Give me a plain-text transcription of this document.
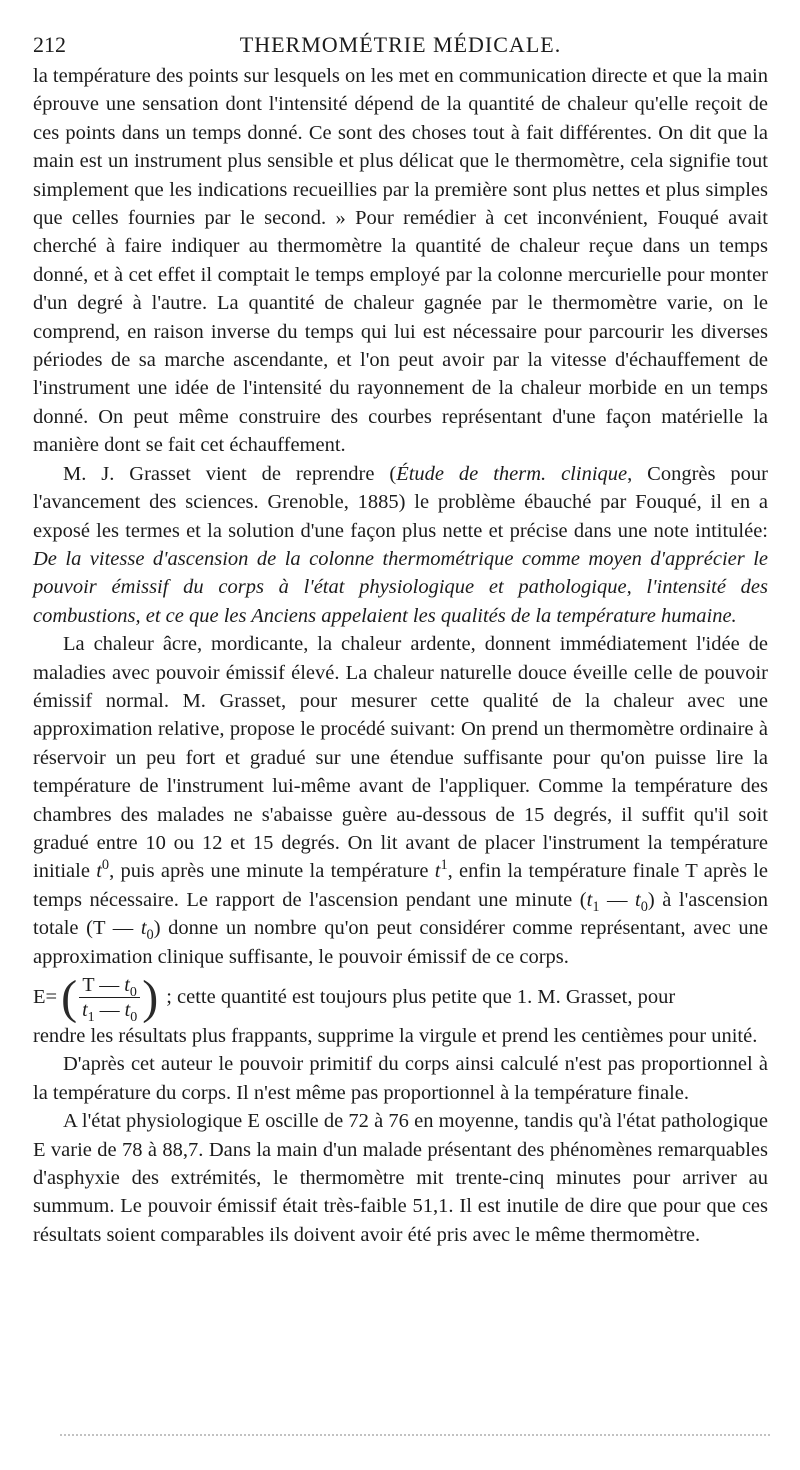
212	THERMOMÉTRIE MÉDICALE.

la température des points sur lesquels on les met en communication directe et que la main éprouve une sensation dont l'intensité dépend de la quantité de chaleur qu'elle reçoit de ces points dans un temps donné. Ce sont des choses tout à fait différentes. On dit que la main est un instrument plus sensible et plus délicat que le thermomètre, cela signifie tout simplement que les indications recueillies par la première sont plus nettes et plus simples que celles fournies par le second. » Pour remédier à cet inconvénient, Fouqué avait cherché à faire indiquer au thermomètre la quantité de chaleur reçue dans un temps donné, et à cet effet il comptait le temps employé par la colonne mercurielle pour monter d'un degré à l'autre. La quantité de chaleur gagnée par le thermomètre varie, on le comprend, en raison inverse du temps qui lui est nécessaire pour parcourir les diverses périodes de sa marche ascendante, et l'on peut avoir par la vitesse d'échauffement de l'instrument une idée de l'intensité du rayonnement de la chaleur morbide en un temps donné. On peut même construire des courbes représentant d'une façon matérielle la manière dont se fait cet échauffement.

M. J. Grasset vient de reprendre (Étude de therm. clinique, Congrès pour l'avancement des sciences. Grenoble, 1885) le problème ébauché par Fouqué, il en a exposé les termes et la solution d'une façon plus nette et précise dans une note intitulée: De la vitesse d'ascension de la colonne thermométrique comme moyen d'apprécier le pouvoir émissif du corps à l'état physiologique et pathologique, l'intensité des combustions, et ce que les Anciens appelaient les qualités de la température humaine.

La chaleur âcre, mordicante, la chaleur ardente, donnent immédiatement l'idée de maladies avec pouvoir émissif élevé. La chaleur naturelle douce éveille celle de pouvoir émissif normal. M. Grasset, pour mesurer cette qualité de la chaleur avec une approximation relative, propose le procédé suivant: On prend un thermomètre ordinaire à réservoir un peu fort et gradué sur une étendue suffisante pour qu'on puisse lire la température de l'instrument lui-même avant de l'appliquer. Comme la température des chambres des malades ne s'abaisse guère au-dessous de 15 degrés, il suffit qu'il soit gradué entre 10 ou 12 et 15 degrés. On lit avant de placer l'instrument la température initiale $t^0$, puis après une minute la température $t^1$, enfin la température finale T après le temps nécessaire. Le rapport de l'ascension pendant une minute ($t_1$ — $t_0$) à l'ascension totale (T — $t_0$) donne un nombre qu'on peut considérer comme représentant, avec une approximation clinique suffisante, le pouvoir émissif de ce corps.

E= ( $\frac{T — t_0}{t_1 — t_0}$ ) ; cette quantité est toujours plus petite que 1. M. Grasset, pour

rendre les résultats plus frappants, supprime la virgule et prend les centièmes pour unité.

D'après cet auteur le pouvoir primitif du corps ainsi calculé n'est pas proportionnel à la température du corps. Il n'est même pas proportionnel à la température finale.

A l'état physiologique E oscille de 72 à 76 en moyenne, tandis qu'à l'état pathologique E varie de 78 à 88,7. Dans la main d'un malade présentant des phénomènes remarquables d'asphyxie des extrémités, le thermomètre mit trente-cinq minutes pour arriver au summum. Le pouvoir émissif était très-faible 51,1. Il est inutile de dire que pour que ces résultats soient comparables ils doivent avoir été pris avec le même thermomètre.
